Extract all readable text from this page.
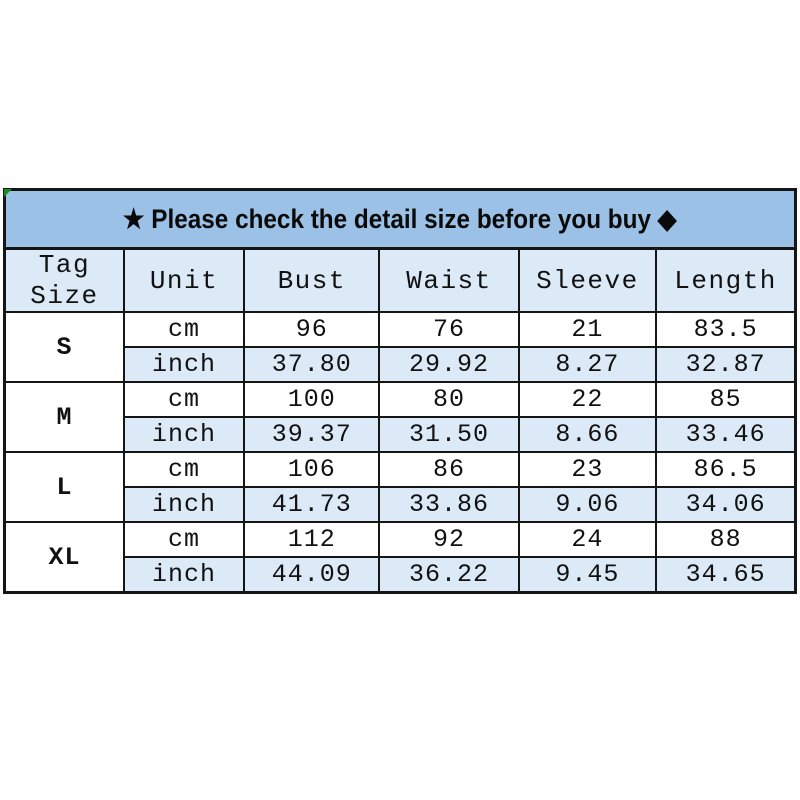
★ Please check the detail size before you buy ◆					
Tag Size	Unit	Bust	Waist	Sleeve	Length
S	cm	96	76	21	83.5
	inch	37.80	29.92	8.27	32.87
M	cm	100	80	22	85
	inch	39.37	31.50	8.66	33.46
L	cm	106	86	23	86.5
	inch	41.73	33.86	9.06	34.06
XL	cm	112	92	24	88
	inch	44.09	36.22	9.45	34.65
